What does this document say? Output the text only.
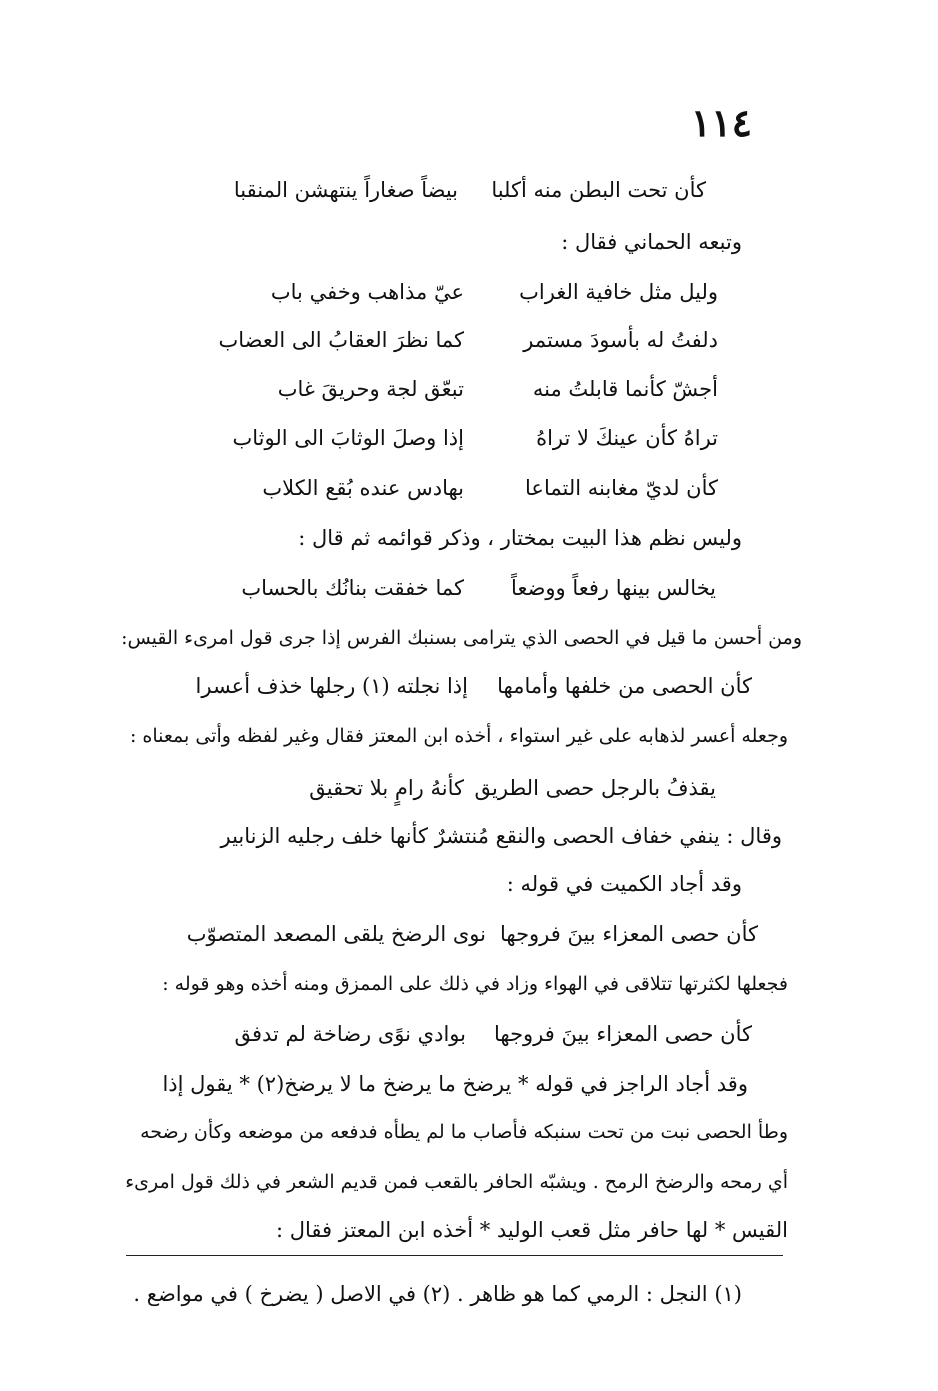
١١٤
كأن تحت البطن منه أكلبا
بيضاً صغاراً ينتهشن المنقبا
وتبعه الحماني فقال :
وليل مثل خافية الغراب
عيّ مذاهب وخفي باب
دلفتُ له بأسودَ مستمر
كما نظرَ العقابُ الى العضاب
أجشّ كأنما قابلتُ منه
تبعّق لجة وحريقَ غاب
تراهُ كأن عينكَ لا تراهُ
إذا وصلَ الوثابَ الى الوثاب
كأن لديّ مغابنه التماعا
بهادس عنده بُقع الكلاب
وليس نظم هذا البيت بمختار ، وذكر قوائمه ثم قال :
يخالس بينها رفعاً ووضعاً
كما خفقت بنانُك بالحساب
ومن أحسن ما قيل في الحصى الذي يترامى بسنبك الفرس إذا جرى قول امرىء القيس:
كأن الحصى من خلفها وأمامها
إذا نجلته (١) رجلها خذف أعسرا
وجعله أعسر لذهابه على غير استواء ، أخذه ابن المعتز فقال وغير لفظه وأتى بمعناه :
يقذفُ بالرجل حصى الطريق
كأنهُ رامٍ بلا تحقيق
وقال : ينفي خفاف الحصى والنقع مُنتشرٌ كأنها خلف رجليه الزنابير
وقد أجاد الكميت في قوله :
كأن حصى المعزاء بينَ فروجها
نوى الرضخ يلقى المصعد المتصوّب
فجعلها لكثرتها تتلاقى في الهواء وزاد في ذلك على الممزق ومنه أخذه وهو قوله :
كأن حصى المعزاء بينَ فروجها
بوادي نوًى رضاخة لم تدفق
وقد أجاد الراجز في قوله * يرضخ ما يرضخ ما لا يرضخ(٢) * يقول إذا
وطأ الحصى نبت من تحت سنبكه فأصاب ما لم يطأه فدفعه من موضعه وكأن رضحه
أي رمحه والرضخ الرمح . ويشبّه الحافر بالقعب فمن قديم الشعر في ذلك قول امرىء
القيس * لها حافر مثل قعب الوليد * أخذه ابن المعتز فقال :
(١) النجل : الرمي كما هو ظاهر . (٢) في الاصل ( يضرخ ) في مواضع .
